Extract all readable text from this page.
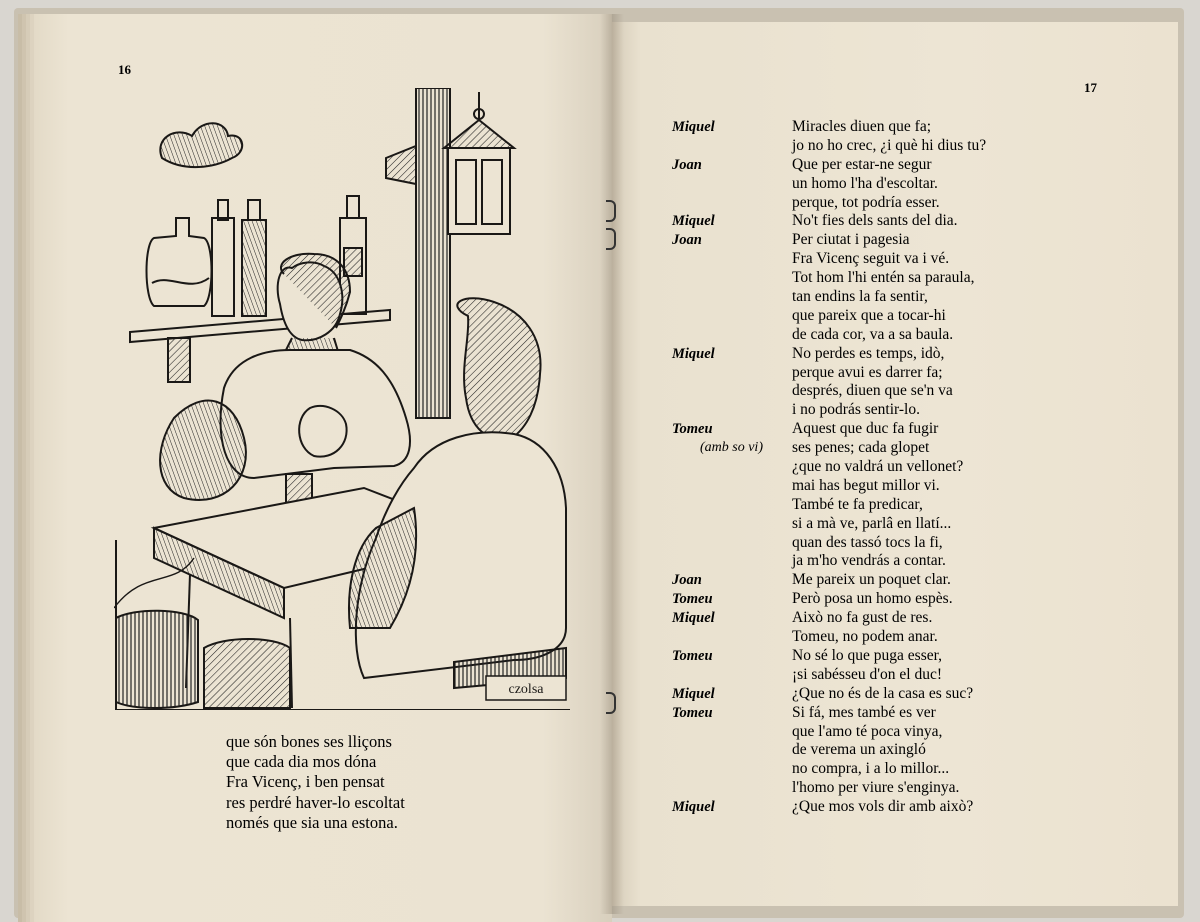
16
czolsa
que són bones ses lliçons
que cada dia mos dóna
Fra Vicenç, i ben pensat
res perdré haver-lo escoltat
només que sia una estona.
17
Miquel	Miracles diuen que fa;
jo no ho crec, ¿i què hi dius tu?
Joan	Que per estar-ne segur
un homo l'ha d'escoltar.
perque, tot podría esser.
Miquel	No't fies dels sants del dia.
Joan	Per ciutat i pagesia
Fra Vicenç seguit va i vé.
Tot hom l'hi entén sa paraula,
tan endins la fa sentir,
que pareix que a tocar-hi
de cada cor, va a sa baula.
Miquel	No perdes es temps, idò,
perque avui es darrer fa;
després, diuen que se'n va
i no podrás sentir-lo.
Tomeu	Aquest que duc fa fugir
(amb so vi)	ses penes; cada glopet
¿que no valdrá un vellonet?
mai has begut millor vi.
També te fa predicar,
si a mà ve, parlâ en llatí...
quan des tassó tocs la fi,
ja m'ho vendrás a contar.
Joan	Me pareix un poquet clar.
Tomeu	Però posa un homo espès.
Miquel	Això no fa gust de res.
Tomeu, no podem anar.
Tomeu	No sé lo que puga esser,
¡si sabésseu d'on el duc!
Miquel	¿Que no és de la casa es suc?
Tomeu	Si fá, mes també es ver
que l'amo té poca vinya,
de verema un axingló
no compra, i a lo millor...
l'homo per viure s'enginya.
Miquel	¿Que mos vols dir amb això?
